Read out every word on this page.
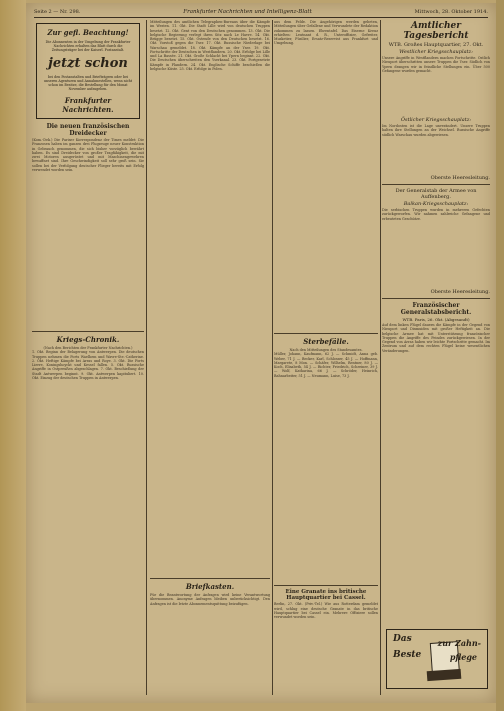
Seite 2 — Nr. 298.	Frankfurter Nachrichten und Intelligenz-Blatt	Mittwoch, 28. Oktober 1914.
Zur gefl. Beachtung!
Die Abonnenten in der Umgebung der Frankfurter Nachrichten erhalten das Blatt durch die Zeitungsträger bei der Kaiserl. Postanstalt.
jetzt schon
bei den Postanstalten und Briefträgern oder bei unseren Agenturen und Annahmestellen, wenn nicht schon im Besitze, die Bestellung für den Monat November aufzugeben.
Frankfurter Nachrichten.
Die neuen französischen Dreidecker
(Kom.-Dek.) Die Pariser Korrespondenz der Times meldet: Die Franzosen haben im ganzen drei Flugzeuge neuer Konstruktion in Gebrauch genommen, die sich bisher vorzüglich bewährt haben. Es sind Dreidecker von großer Tragfähigkeit, die mit zwei Motoren ausgerüstet und mit Maschinengewehren bewaffnet sind. Ihre Geschwindigkeit soll sehr groß sein. Sie sollen bei der Verfolgung deutscher Flieger bereits mit Erfolg verwendet worden sein.
Kriegs-Chronik.
(Nach den Berichten der Frankfurter Nachrichten.)
1. Okt. Beginn der Belagerung von Antwerpen. Die deutschen Truppen nehmen die Forts Waelhem und Wavre-Ste.-Catherine. 2. Okt. Heftige Kämpfe bei Arras und Roye. 3. Okt. Die Forts Lierre, Koningshoyckt und Kessel fallen. 5. Okt. Russische Angriffe in Ostpreußen abgeschlagen. 7. Okt. Beschießung der Stadt Antwerpen beginnt. 9. Okt. Antwerpen kapituliert. 10. Okt. Einzug der deutschen Truppen in Antwerpen.
Mitteilungen des amtlichen Telegraphen-Bureaus über die Kämpfe im Westen. 11. Okt. Die Stadt Lille wird von deutschen Truppen besetzt. 12. Okt. Gent von den Deutschen genommen. 13. Okt. Die belgische Regierung verlegt ihren Sitz nach Le Havre. 14. Okt. Brügge besetzt. 15. Okt. Ostende von den Deutschen besetzt. 16. Okt. Vorstoß gegen die Yser. 17. Okt. Russische Niederlage bei Warschau gemeldet. 18. Okt. Kämpfe an der Yser. 19. Okt. Fortschritte der Deutschen in Westflandern. 20. Okt. Erfolge bei Lille und La Bassée. 21. Okt. Große Schlacht bei Ypern beginnt. 22. Okt. Die Deutschen überschreiten den Yserkanal. 23. Okt. Fortgesetzte Kämpfe in Flandern. 24. Okt. Englische Schiffe beschießen die belgische Küste. 25. Okt. Erfolge in Polen.
Briefkasten.
Für die Beantwortung der Anfragen wird keine Verantwortung übernommen. Anonyme Anfragen bleiben unberücksichtigt. Den Anfragen ist die letzte Abonnementsquittung beizufügen.
aus dem Felde. Die Angehörigen werden gebeten, Mitteilungen über Gefallene und Verwundete der Redaktion zukommen zu lassen. Ehrentafel. Das Eiserne Kreuz erhielten: Leutnant d. R., Unteroffizier, Gefreiter, Musketier, Füsilier, Ersatz-Reservist aus Frankfurt und Umgebung.
Sterbefälle.
Nach den Mitteilungen des Standesamtes.
Müller, Johann, Kaufmann, 62 J. — Schmidt, Anna geb. Weber, 71 J. — Becker, Karl, Schlosser, 45 J. — Hoffmann, Margarete, 8 Mon. — Schäfer, Wilhelm, Rentner, 80 J. — Koch, Elisabeth, 54 J. — Richter, Friedrich, Schreiner, 39 J. — Wolf, Katharina, 66 J. — Schröder, Heinrich, Bahnarbeiter, 51 J. — Neumann, Luise, 73 J.
Eine Granate ins britische Hauptquartier bei Cassel.
Berlin, 27. Okt. (Priv.-Tel.) Wie aus Rotterdam gemeldet wird, schlug eine deutsche Granate in das britische Hauptquartier bei Cassel ein. Mehrere Offiziere sollen verwundet worden sein.
Amtlicher Tagesbericht
WTB. Großes Hauptquartier, 27. Okt.
Westlicher Kriegsschauplatz:
Unsere Angriffe in Westflandern machen Fortschritte. Östlich Nieuport überschritten unsere Truppen die Yser. Südlich von Ypern drangen wir in feindliche Stellungen ein. Über 500 Gefangene wurden gemacht.
Östlicher Kriegsschauplatz:
Im Nordosten ist die Lage unverändert. Unsere Truppen halten ihre Stellungen an der Weichsel. Russische Angriffe südlich Warschau wurden abgewiesen.
Oberste Heeresleitung.
Der Generalstab der Armee von Auffenberg.
Balkan-Kriegsschauplatz:
Die serbischen Truppen wurden in mehreren Gefechten zurückgeworfen. Wir nahmen zahlreiche Gefangene und erbeuteten Geschütze.
Oberste Heeresleitung.
Französischer Generalstabsbericht.
WTB. Paris, 26. Okt. (Abgesandt)
Auf dem linken Flügel dauern die Kämpfe in der Gegend von Nieuport und Dixmuiden mit großer Heftigkeit an. Die belgische Armee hat mit Unterstützung französischer Truppen die Angriffe des Feindes zurückgewiesen. In der Gegend von Arras haben wir leichte Fortschritte gemacht. Im Zentrum und auf dem rechten Flügel keine wesentlichen Veränderungen.
Das
Beste
zur Zahn-
pflege
